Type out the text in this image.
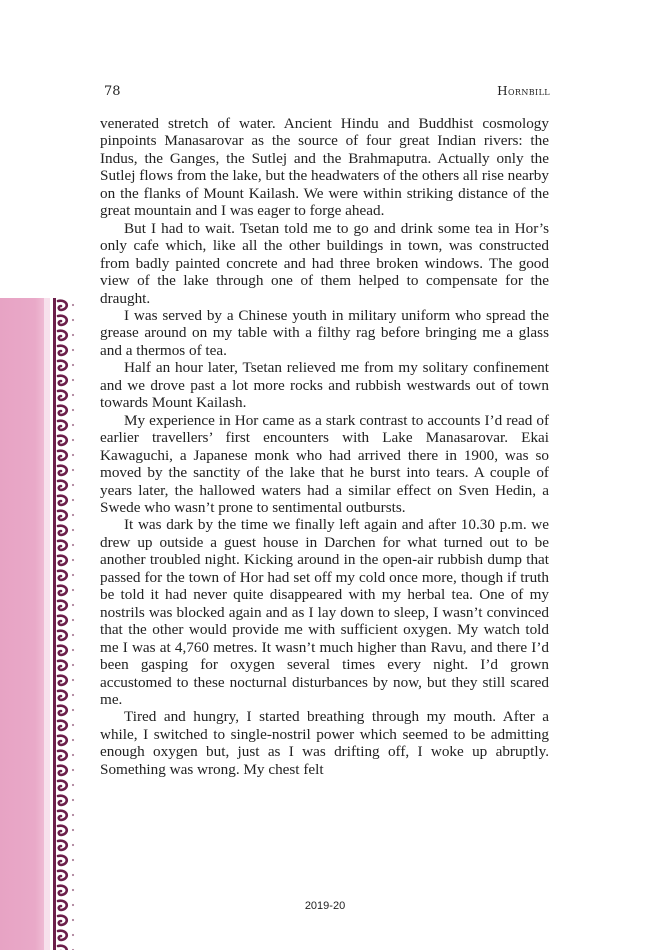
78	Hornbill

venerated stretch of water. Ancient Hindu and Buddhist cosmology pinpoints Manasarovar as the source of four great Indian rivers: the Indus, the Ganges, the Sutlej and the Brahmaputra. Actually only the Sutlej flows from the lake, but the headwaters of the others all rise nearby on the flanks of Mount Kailash. We were within striking distance of the great mountain and I was eager to forge ahead.

But I had to wait. Tsetan told me to go and drink some tea in Hor’s only cafe which, like all the other buildings in town, was constructed from badly painted concrete and had three broken windows. The good view of the lake through one of them helped to compensate for the draught.

I was served by a Chinese youth in military uniform who spread the grease around on my table with a filthy rag before bringing me a glass and a thermos of tea.

Half an hour later, Tsetan relieved me from my solitary confinement and we drove past a lot more rocks and rubbish westwards out of town towards Mount Kailash.

My experience in Hor came as a stark contrast to accounts I’d read of earlier travellers’ first encounters with Lake Manasarovar. Ekai Kawaguchi, a Japanese monk who had arrived there in 1900, was so moved by the sanctity of the lake that he burst into tears. A couple of years later, the hallowed waters had a similar effect on Sven Hedin, a Swede who wasn’t prone to sentimental outbursts.

It was dark by the time we finally left again and after 10.30 p.m. we drew up outside a guest house in Darchen for what turned out to be another troubled night. Kicking around in the open-air rubbish dump that passed for the town of Hor had set off my cold once more, though if truth be told it had never quite disappeared with my herbal tea. One of my nostrils was blocked again and as I lay down to sleep, I wasn’t convinced that the other would provide me with sufficient oxygen. My watch told me I was at 4,760 metres. It wasn’t much higher than Ravu, and there I’d been gasping for oxygen several times every night. I’d grown accustomed to these nocturnal disturbances by now, but they still scared me.

Tired and hungry, I started breathing through my mouth. After a while, I switched to single-nostril power which seemed to be admitting enough oxygen but, just as I was drifting off, I woke up abruptly. Something was wrong. My chest felt

2019-20
